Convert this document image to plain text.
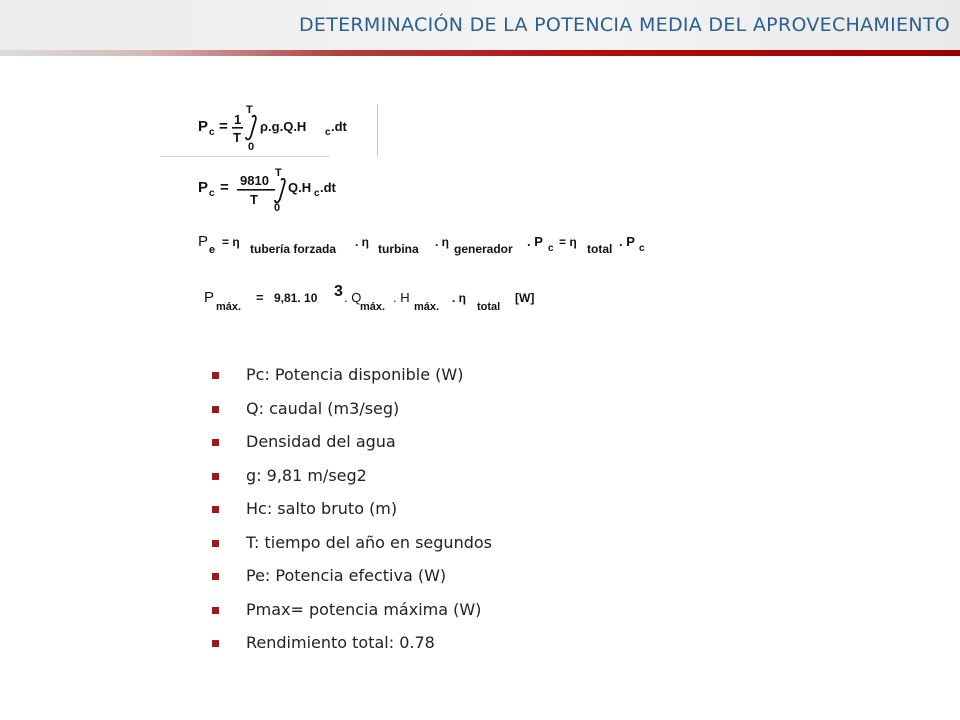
DETERMINACIÓN DE LA POTENCIA MEDIA DEL APROVECHAMIENTO
P c = 1
T
T
0
ρ.g.Q.H c .dt
P c = 9810
T
T
0
Q.H c .dt
P e
= η tubería forzada . η turbina . η generador . P c = η total . P c
P
máx.
= 9,81. 10 3 . Q
máx.
. H
máx.
. η
total
[W]
Pc: Potencia disponible (W)
Q: caudal (m3/seg)
Densidad del agua
g: 9,81 m/seg2
Hc: salto bruto (m)
T: tiempo del año en segundos
Pe: Potencia efectiva (W)
Pmax= potencia máxima (W)
Rendimiento total: 0.78
